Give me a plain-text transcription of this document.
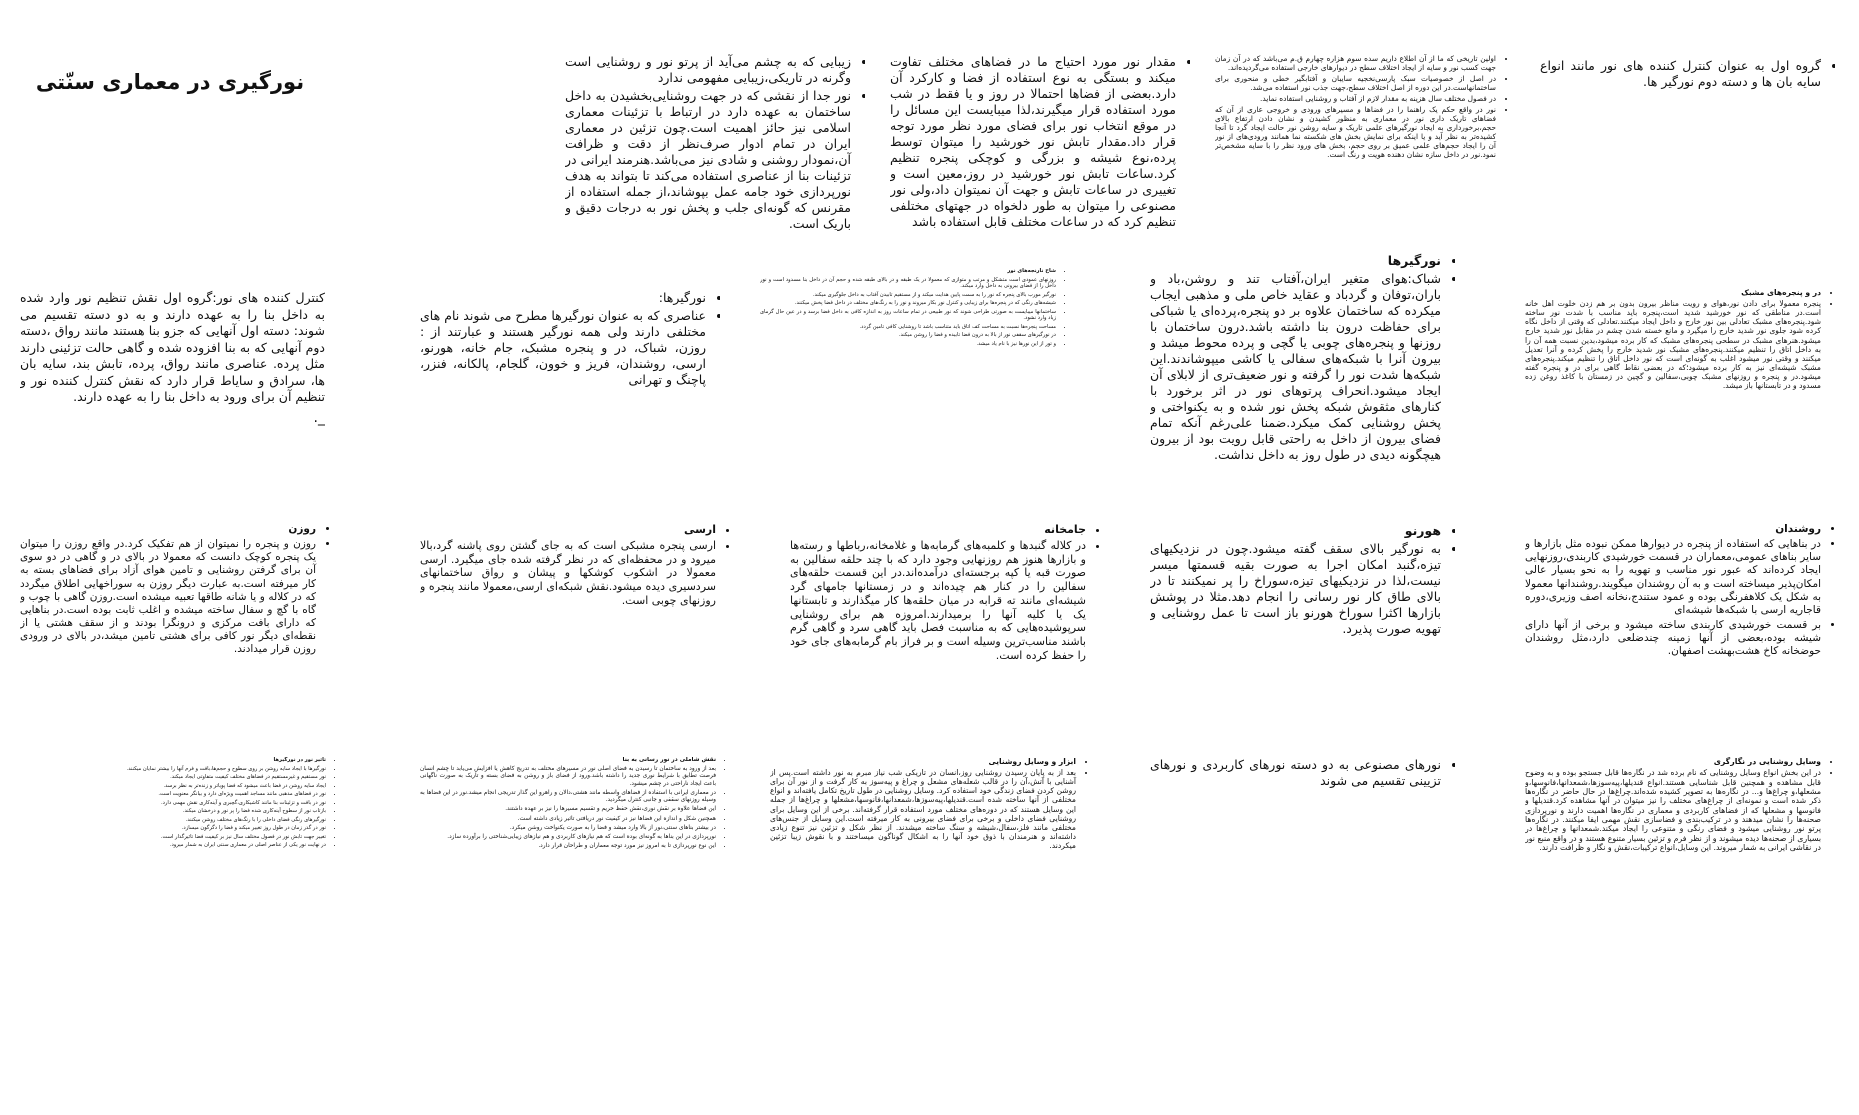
• گروه اول به عنوان کنترل کننده های نور مانند انواع سایه بان ها و دسته دوم نورگیر ها.
• اولین تاریخی که ما از آن اطلاع داریم سده سوم هزاره چهارم ق.م می‌باشد که در آن زمان جهت کسب نور و سایه از ایجاد اختلاف سطح در دیوارهای خارجی استفاده می‌گردیده‌اند.
• در اصل از خصوصیات سبک پارسی‌نخجیه سایبان و آفتابگیر خطی و منحوری برای ساختمانهاست.در این دوره از اصل اختلاف سطح،جهت جذب نور استفاده می‌شد.
• در فصول مختلف سال هزینه به مقدار لازم از آفتاب و روشنایی استفاده نماید.
• نور در واقع حکم یک راهنما را در فضاها و مسیرهای ورودی و خروجی عاری از آن که فضاهای تاریک داری نور در معماری به منظور کشیدن و نشان دادن ارتفاع بالای حجم،برخورداری به ایجاد نورگیر‌های علمی تاریک و سایه روشن نور حالت ایجاد گرد تا آنجا کشیده‌تر به نظر آید و یا اینکه برای نمایش بخش های شکسته نما همانند ورودی‌های از نور آن را ایجاد حجم‌های علمی عمیق بر روی حجم، بخش های ورود نظر را با سایه مشخص‌تر نمود.نور در داخل سازه نشان دهنده هویت و رنگ است.
• مقدار نور مورد احتیاج ما در فضاهای مختلف تفاوت میکند و بستگی به نوع استفاده از فضا و کارکرد آن دارد.بعضی از فضاها احتمالا در روز و یا فقط در شب مورد استفاده قرار میگیرند،لذا میبایست این مسائل را در موقع انتخاب نور برای فضای مورد نظر مورد توجه قرار داد.مقدار تابش نور خورشید را میتوان توسط پرده،نوع شیشه و بزرگی و کوچکی پنجره تنظیم کرد.ساعات تابش نور خورشید در روز،معین است و تغییری در ساعات تابش و جهت آن نمیتوان داد،ولی نور مصنوعی را میتوان به طور دلخواه در جهتهای مختلفی تنظیم کرد که در ساعات مختلف قابل استفاده باشد
• زیبایی که به چشم می‌آید از پرتو نور و روشنایی است وگرنه در تاریکی،زیبایی مفهومی ندارد
• نور جدا از نقشی که در جهت روشنایی‌بخشیدن به داخل ساختمان به عهده دارد در ارتباط با تزئینات معماری اسلامی نیز حائز اهمیت است.چون تزئین در معماری ایران در تمام ادوار صرف‌نظر از دقت و ظرافت آن،نمودار روشنی و شادی نیز می‌باشد.هنرمند ایرانی در تزئینات بنا از عناصری استفاده می‌کند تا بتواند به هدف نورپردازی خود جامه عمل بپوشاند،از جمله استفاده از مقرنس که گونه‌ای جلب و پخش نور به درجات دقیق و باریک است.
نورگیری در معماری سنّتی
• در و پنجره‌های مشبک
• پنجره معمولا برای دادن نور،هوای و رویت مناظر بیرون بدون بر هم زدن خلوت اهل خانه است.در مناطقی که نور خورشید شدید است،پنجره باید مناسب با شدت نور ساخته شود.پنجره‌های مشبک تعادلی بین نور خارج و داخل ایجاد میکنند.تعادلی که وقتی از داخل نگاه کرده شود جلوی نور شدید خارج را میگیرد و مانع خسته شدن چشم در مقابل نور شدید خارج میشود.هنرهای مشبک در سطحی پنجره‌های مشبک که کار برده میشود،بدین نسبت همه آن را به داخل اتاق را تنظیم میکنند.پنجره‌های مشبک نور شدید خارج را پخش کرده و آنرا تعدیل میکنند و وقتی نور میشود اغلب به گونه‌ای است که نور داخل اتاق را تنظیم میکند.پنجره‌های مشبک شیشه‌ای نیز به کار برده میشود؛که در بعضی نقاط گاهی برای در و پنجره گفته میشود.در و پنجره و روزنهای مشبک چوبی،سفالین و گچین در زمستان با کاغذ روغن زده مسدود و در تابستانها باز میشد.
• نورگیرها
• شباک:هوای متغیر ایران،آفتاب تند و روشن،باد و باران،توفان و گردباد و عقاید خاص ملی و مذهبی ایجاب میکرده که ساختمان علاوه بر دو پنجره،پرده‌ای یا شباکی برای حفاظت درون بنا داشته باشد.درون ساختمان با روزنها و پنجره‌های چوبی یا گچی و پرده محوط میشد و بیرون آنرا با شبکه‌های سفالی یا کاشی میپوشاندند.این شبکه‌ها شدت نور را گرفته و نور ضعیف‌تری از لابلای آن ایجاد میشود.انحراف پرتوهای نور در اثر برخورد با کنارهای مثقوش شبکه پخش نور شده و به یکنواختی و پخش روشنایی کمک میکرد.ضمنا علی‌رغم آنکه تمام فضای بیرون از داخل به راحتی قابل رویت بود از بیرون هیچگونه دیدی در طول روز به داخل نداشت.
• شاخ نارنجه‌های نور
• روزنهای عمودی است متشکل و مرتب و متوازی که معمولا در یک طبقه و در بالای طبقه شده و حجم آن در داخل بنا مسدود است و نور داخل را از فضای بیرونی به داخل وارد میکند.
• نورگیر مورب بالای پنجره که نور را به سمت پایین هدایت میکند و از مستقیم تابیدن آفتاب به داخل جلوگیری میکند.
• شیشه‌های رنگی که در پنجره‌ها برای زیبایی و کنترل نور بکار میروند و نور را به رنگ‌های مختلف در داخل فضا پخش میکنند.
• ساختمانها میبایست به صورتی طراحی شوند که نور طبیعی در تمام ساعات روز به اندازه کافی به داخل فضا برسد و در عین حال گرمای زیاد وارد نشود.
• مساحت پنجره‌ها نسبت به مساحت کف اتاق باید متناسب باشد تا روشنایی کافی تامین گردد.
• در نورگیرهای سقفی نور از بالا به درون فضا تابیده و فضا را روشن میکند.
• و تور از این نورها نیز با نام یاد میشد.
• نورگیرها:
• عناصری که به عنوان نورگیرها مطرح می شوند نام های مختلفی دارند ولی همه نورگیر هستند و عبارتند از : روزن، شباک، در و پنجره مشبک، جام خانه، هورنو، ارسی، روشندان، فریز و خوون، گلجام، پالکانه، فنزر، پاچنگ و تهرانی
کنترل کننده های نور:گروه اول نقش تنظیم نور وارد شده به داخل بنا را به عهده دارند و به دو دسته تقسیم می شوند: دسته اول آنهایی که جزو بنا هستند مانند رواق ،دسته دوم آنهایی که به بنا افزوده شده و گاهی حالت تزئینی دارند مثل پرده. عناصری مانند رواق، پرده، تابش بند، سایه بان ها، سرادق و سایاط قرار دارد که نقش کنترل کننده نور و تنظیم آن برای ورود به داخل بنا را به عهده دارند.
_.
• روشندان
• در بناهایی که استفاده از پنجره در دیوارها ممکن نبوده مثل بازارها و سایر بناهای عمومی،معماران در قسمت خورشیدی کاربندی،روزنهایی ایجاد کرده‌اند که عبور نور مناسب و تهویه را به نحو بسیار عالی امکان‌پذیر میساخته است و به آن روشندان میگویند.روشندانها معمولا به شکل یک کلاهفرنگی بوده و عمود ستندج،نخانه اصف وزیری،دوره قاجاریه ارسی با شبکه‌ها شیشه‌ای
• بر قسمت خورشیدی کاربندی ساخته میشود و برخی از آنها دارای شیشه بوده،بعضی از آنها زمینه چندضلعی دارد،مثل روشندان حوضخانه کاخ هشت‌بهشت اصفهان.
• هورنو
• به نورگیر بالای سقف گفته میشود.چون در نزدیکیهای تیزه،گنبد امکان اجرا به صورت بقیه قسمتها میسر نیست،لذا در نزدیکیهای تیزه،سوراخ را پر نمیکنند تا در بالای طاق کار نور رسانی را انجام دهد.مثلا در پوشش بازارها اکثرا سوراخ هورنو باز است تا عمل روشنایی و تهویه صورت پذیرد.
• جامخانه
• در کلاله گنبدها و کلمبه‌های گرمابه‌ها و غلامخانه،رباطها و رسته‌ها و بازارها هنوز هم روزنهایی وجود دارد که با چند حلقه سفالین به صورت قبه یا کپه برجسته‌ای درآمده‌اند.در این قسمت حلقه‌های سفالین را در کنار هم چیده‌اند و در زمستانها جامهای گرد شیشه‌ای مانند ته قرابه در میان حلقه‌ها کار میگذارند و تابستانها یک یا کلیه آنها را برمیدارند.امروزه هم برای روشنایی سرپوشیده‌هایی که به مناسبت فصل باید گاهی سرد و گاهی گرم باشند مناسب‌ترین وسیله است و بر فراز بام گرمابه‌های جای خود را حفظ کرده است.
• ارسی
• ارسی پنجره مشبکی است که به جای گشتن روی پاشنه گرد،بالا میرود و در محفظه‌ای که در نظر گرفته شده جای میگیرد. ارسی معمولا در اشکوب کوشکها و پیشان و رواق ساختمانهای سردسیری دیده میشود.نقش شبکه‌ای ارسی،معمولا مانند پنجره و روزنهای چوبی است.
• روزن
• روزن و پنجره را نمیتوان از هم تفکیک کرد.در واقع روزن را میتوان یک پنجره کوچک دانست که معمولا در بالای در و گاهی در دو سوی آن برای گرفتن روشنایی و تامین هوای آزاد برای فضاهای بسته به کار میرفته است.به عبارت دیگر روزن به سوراخهایی اطلاق میگردد که در کلاله و یا شانه طاقها تعبیه میشده است.روزن گاهی با چوب و گاه با گچ و سفال ساخته میشده و اغلب ثابت بوده است.در بناهایی که دارای بافت مرکزی و درونگرا بودند و از سقف هشتی یا از نقطه‌ای دیگر نور کافی برای هشتی تامین میشد،در بالای در ورودی روزن قرار میدادند.
• وسایل روشنایی در نگارگری
• در این بخش انواع وسایل روشنایی که نام برده شد در نگاره‌ها قابل جستجو بوده و به وضوح قابل مشاهده و همچنین قابل شناسایی هستند.انواع قندیلها،پیه‌سوزها،شمعدانها،فانوسها،و مشعلها،و چراغ‌ها و... در نگاره‌ها به تصویر کشیده شده‌اند.چراغ‌ها در حال حاضر در نگاره‌ها ذکر شده است و نمونه‌ای از چراغ‌های مختلف را نیز میتوان در آنها مشاهده کرد.قندیلها و فانوسها و مشعلها که از فضاهای کاربردی و معماری در نگاره‌ها اهمیت دارند و نورپردازی صحنه‌ها را نشان میدهند و در ترکیب‌بندی و فضاسازی نقش مهمی ایفا میکنند. در نگاره‌ها پرتو نور روشنایی میشود و فضای رنگی و متنوعی را ایجاد میکند.شمعدانها و چراغ‌ها در بسیاری از صحنه‌ها دیده میشوند و از نظر فرم و تزئین بسیار متنوع هستند و در واقع منبع نور در نقاشی ایرانی به شمار میروند. این وسایل،انواع ترکیبات،نقش و نگار و ظرافت دارند.
• نورهای مصنوعی به دو دسته نورهای کاربردی و نورهای تزیینی تقسیم می شوند
• ابزار و وسایل روشنایی
• بعد از به پایان رسیدن روشنایی روز،انسان در تاریکی شب نیاز مبرم به نور داشته است.پس از آشنایی با آتش،آن را در قالب شعله‌های مشعل و چراغ و پیه‌سوز به کار گرفت و از نور آن برای روشن کردن فضای زندگی خود استفاده کرد. وسایل روشنایی در طول تاریخ تکامل یافته‌اند و انواع مختلفی از آنها ساخته شده است.قندیلها،پیه‌سوزها،شمعدانها،فانوسها،مشعلها و چراغ‌ها از جمله این وسایل هستند که در دوره‌های مختلف مورد استفاده قرار گرفته‌اند. برخی از این وسایل برای روشنایی فضای داخلی و برخی برای فضای بیرونی به کار میرفته است.این وسایل از جنس‌های مختلفی مانند فلز،سفال،شیشه و سنگ ساخته میشدند. از نظر شکل و تزئین نیز تنوع زیادی داشته‌اند و هنرمندان با ذوق خود آنها را به اشکال گوناگون میساختند و با نقوش زیبا تزئین میکردند.
• نقش شاملی در نور رسانی به بنا
• بعد از ورود به ساختمان تا رسیدن به فضای اصلی نور در مسیرهای مختلف به تدریج کاهش یا افزایش می‌یابد تا چشم انسان فرصت تطابق با شرایط نوری جدید را داشته باشد.ورود از فضای باز و روشن به فضای بسته و تاریک به صورت ناگهانی باعث ایجاد ناراحتی در چشم میشود.
• در معماری ایرانی با استفاده از فضاهای واسطه مانند هشتی،دالان و راهرو این گذار تدریجی انجام میشد.نور در این فضاها به وسیله روزنهای سقفی و جانبی کنترل میگردید.
• این فضاها علاوه بر نقش نوری،نقش حفظ حریم و تقسیم مسیرها را نیز بر عهده داشتند.
• همچنین شکل و اندازه این فضاها نیز در کیفیت نور دریافتی تاثیر زیادی داشته است.
• در بیشتر بناهای سنتی،نور از بالا وارد میشد و فضا را به صورت یکنواخت روشن میکرد.
• نورپردازی در این بناها به گونه‌ای بوده است که هم نیازهای کاربردی و هم نیازهای زیبایی‌شناختی را برآورده سازد.
• این نوع نورپردازی تا به امروز نیز مورد توجه معماران و طراحان قرار دارد.
• تاثیر نور در نورگیرها
• نورگیرها با ایجاد سایه روشن بر روی سطوح و حجم‌ها،بافت و فرم آنها را بیشتر نمایان میکنند.
• نور مستقیم و غیرمستقیم در فضاهای مختلف کیفیت متفاوتی ایجاد میکند.
• ایجاد سایه روشن در فضا باعث میشود که فضا پویاتر و زنده‌تر به نظر برسد.
• نور در فضاهای مذهبی مانند مساجد اهمیت ویژه‌ای دارد و بیانگر معنویت است.
• نور در بافت و تزئینات بنا مانند کاشیکاری،گچبری و آینه‌کاری نقش مهمی دارد.
• بازتاب نور از سطوح آینه‌کاری شده فضا را پر نور و درخشان میکند.
• نورگیرهای رنگی فضای داخلی را با رنگ‌های مختلف روشن میکنند.
• نور در گذر زمان در طول روز تغییر میکند و فضا را دگرگون میسازد.
• تغییر جهت تابش نور در فصول مختلف سال نیز بر کیفیت فضا تاثیرگذار است.
• در نهایت نور یکی از عناصر اصلی در معماری سنتی ایران به شمار میرود.
